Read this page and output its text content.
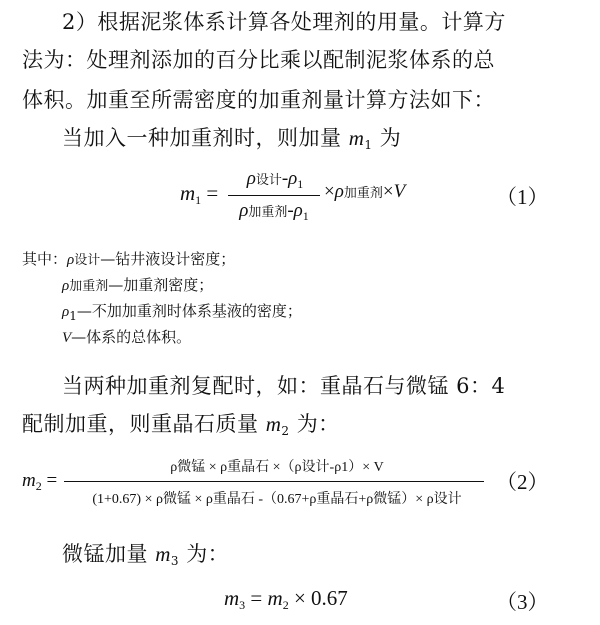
2）根据泥浆体系计算各处理剂的用量。计算方
法为：处理剂添加的百分比乘以配制泥浆体系的总
体积。加重至所需密度的加重剂量计算方法如下：
当加入一种加重剂时，则加量 $m_1$ 为
$m_1$ =
ρ设计$-\rho_1$
ρ加重剂$-\rho_1$
×ρ加重剂×V	（1）
其中：ρ设计—钻井液设计密度；
ρ加重剂—加重剂密度；
$\rho_1—$不加加重剂时体系基液的密度；
V—体系的总体积。
当两种加重剂复配时，如：重晶石与微锰 6：4
配制加重，则重晶石质量 $m_2$ 为：
$m_2$ =
ρ微锰 × ρ重晶石 ×（ρ设计-ρ1）× V
(1+0.67) × ρ微锰 × ρ重晶石 -（0.67+ρ重晶石+ρ微锰）× ρ设计
（2）
微锰加量 $m_3$ 为：
$m_3 = m_2 \times 0.67$	（3）
